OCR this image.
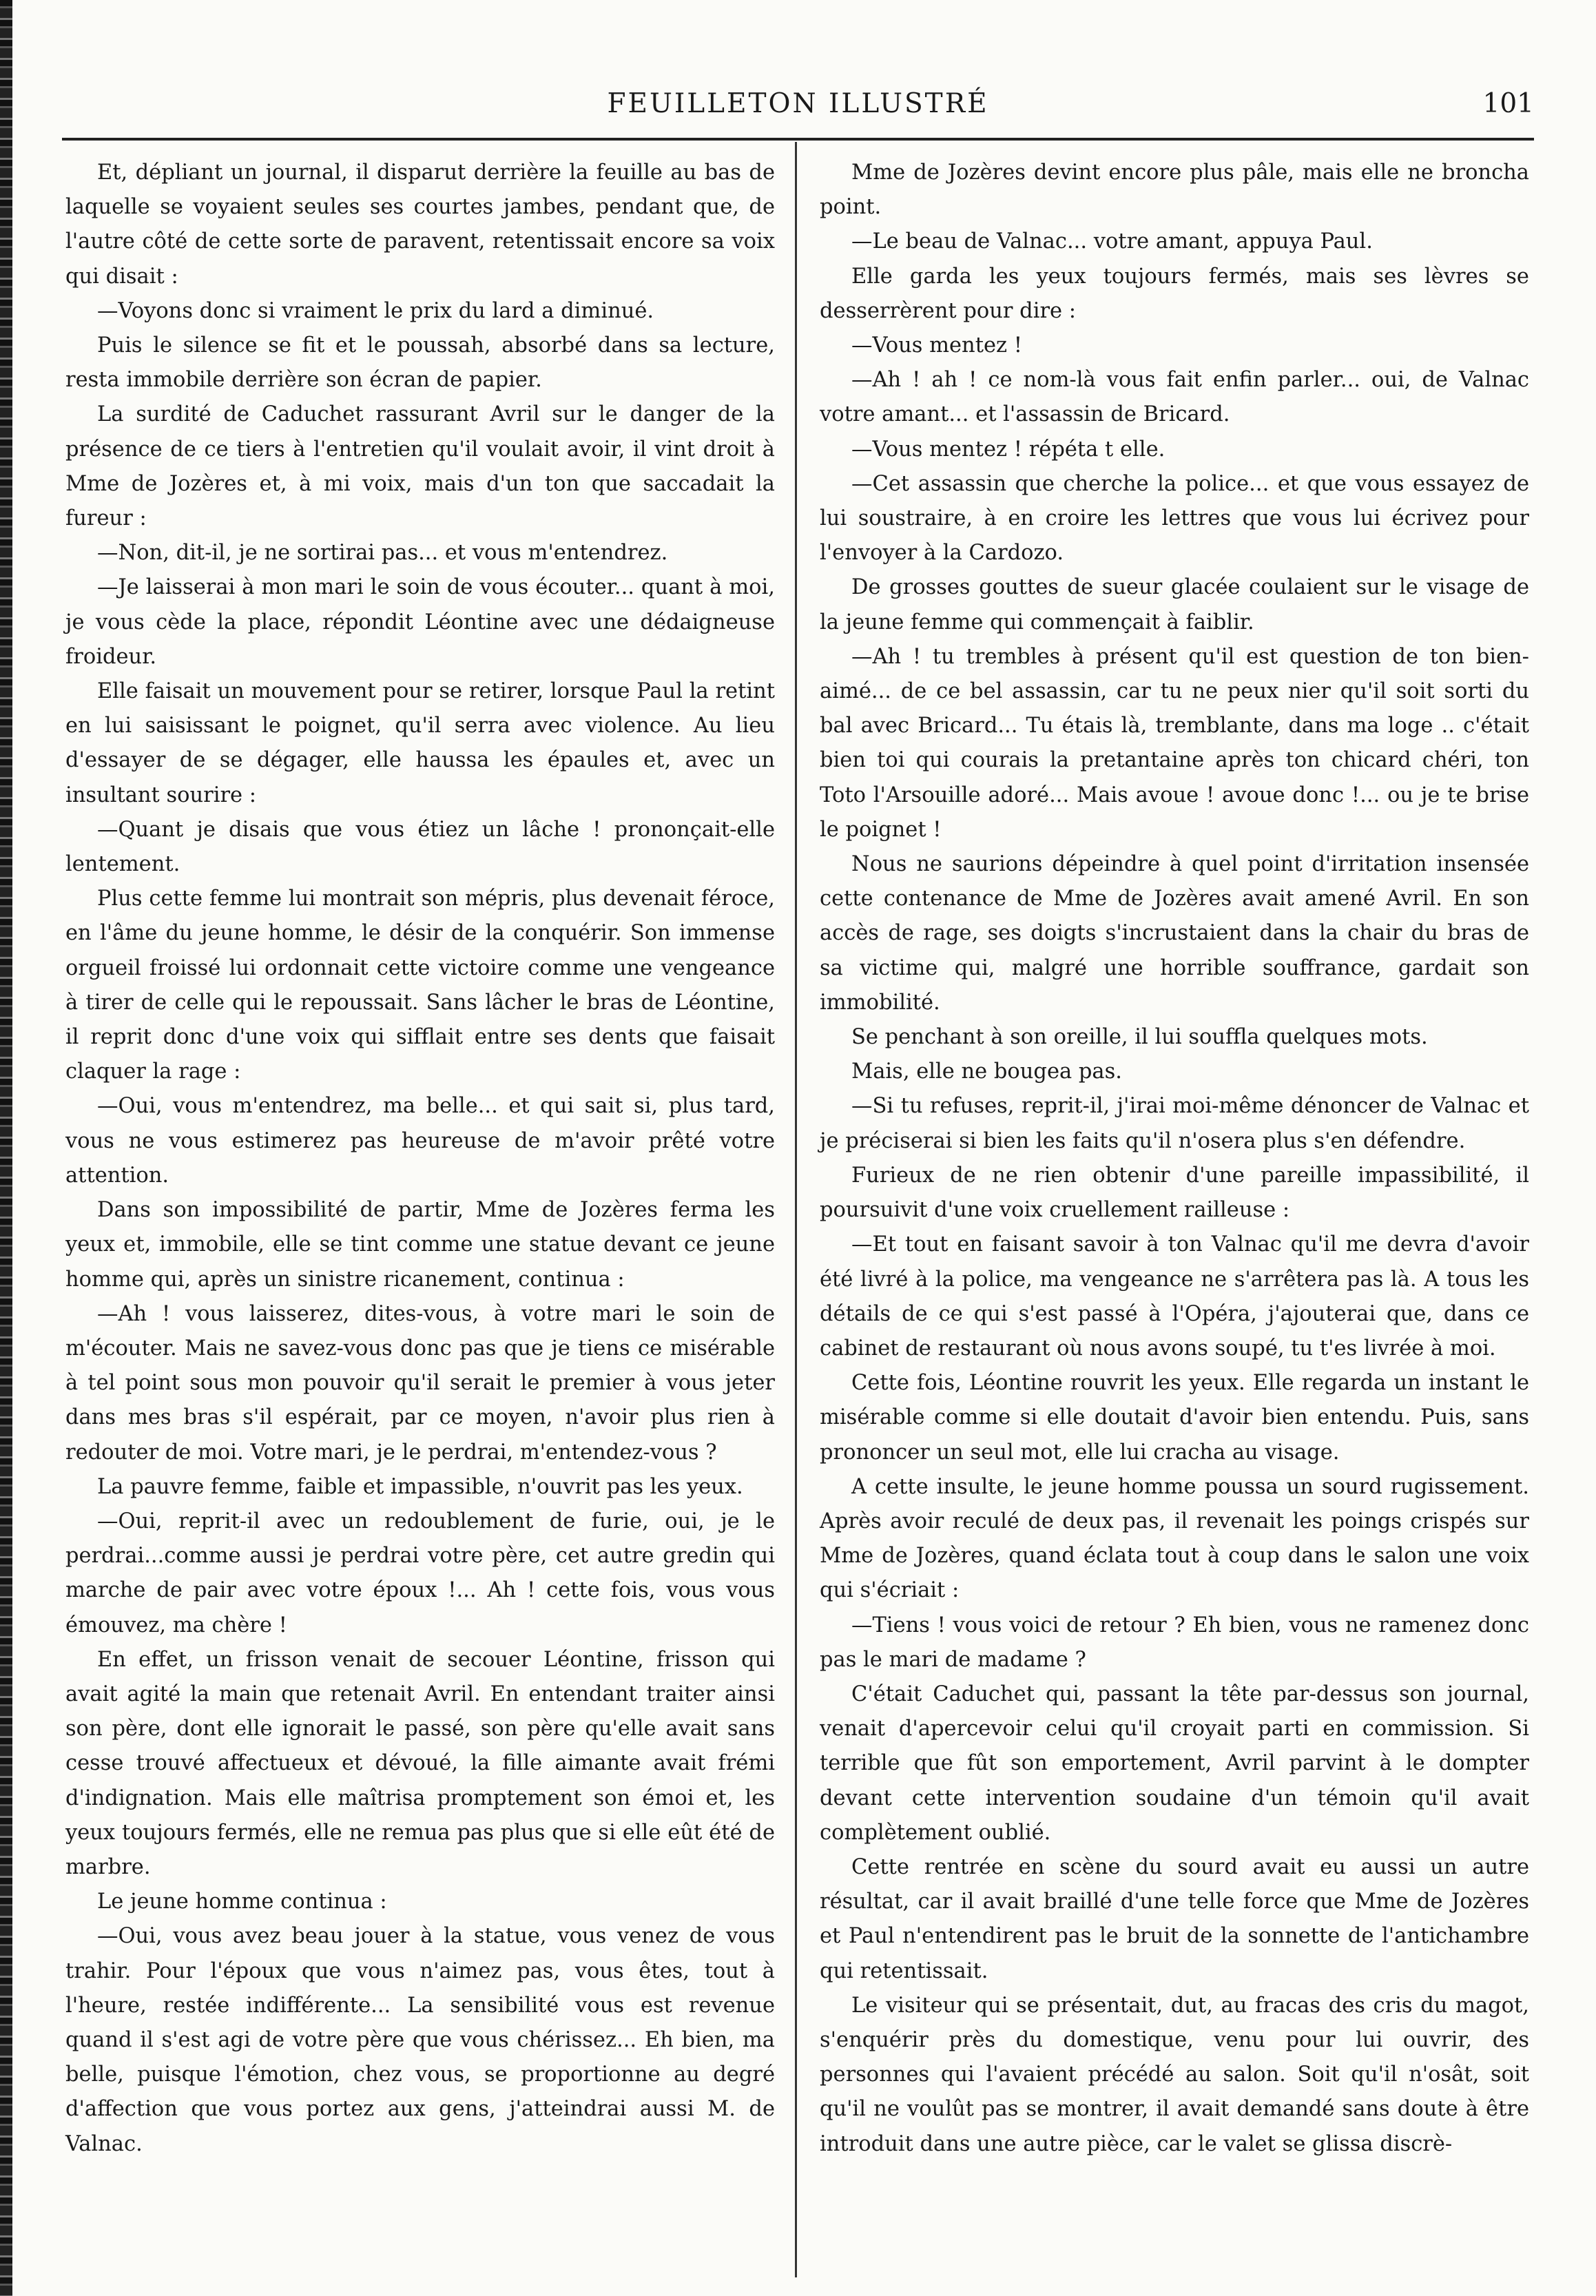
FEUILLETON ILLUSTRÉ	101

Et, dépliant un journal, il disparut derrière la feuille au bas de laquelle se voyaient seules ses courtes jambes, pendant que, de l'autre côté de cette sorte de paravent, retentissait encore sa voix qui disait :

—Voyons donc si vraiment le prix du lard a diminué.

Puis le silence se fit et le poussah, absorbé dans sa lecture, resta immobile derrière son écran de papier.

La surdité de Caduchet rassurant Avril sur le danger de la présence de ce tiers à l'entretien qu'il voulait avoir, il vint droit à Mme de Jozères et, à mi voix, mais d'un ton que saccadait la fureur :

—Non, dit-il, je ne sortirai pas... et vous m'entendrez.

—Je laisserai à mon mari le soin de vous écouter... quant à moi, je vous cède la place, répondit Léontine avec une dédaigneuse froideur.

Elle faisait un mouvement pour se retirer, lorsque Paul la retint en lui saisissant le poignet, qu'il serra avec violence. Au lieu d'essayer de se dégager, elle haussa les épaules et, avec un insultant sourire :

—Quant je disais que vous étiez un lâche ! prononçait-elle lentement.

Plus cette femme lui montrait son mépris, plus devenait féroce, en l'âme du jeune homme, le désir de la conquérir. Son immense orgueil froissé lui ordonnait cette victoire comme une vengeance à tirer de celle qui le repoussait. Sans lâcher le bras de Léontine, il reprit donc d'une voix qui sifflait entre ses dents que faisait claquer la rage :

—Oui, vous m'entendrez, ma belle... et qui sait si, plus tard, vous ne vous estimerez pas heureuse de m'avoir prêté votre attention.

Dans son impossibilité de partir, Mme de Jozères ferma les yeux et, immobile, elle se tint comme une statue devant ce jeune homme qui, après un sinistre ricanement, continua :

—Ah ! vous laisserez, dites-vous, à votre mari le soin de m'écouter. Mais ne savez-vous donc pas que je tiens ce misérable à tel point sous mon pouvoir qu'il serait le premier à vous jeter dans mes bras s'il espérait, par ce moyen, n'avoir plus rien à redouter de moi. Votre mari, je le perdrai, m'entendez-vous ?

La pauvre femme, faible et impassible, n'ouvrit pas les yeux.

—Oui, reprit-il avec un redoublement de furie, oui, je le perdrai...comme aussi je perdrai votre père, cet autre gredin qui marche de pair avec votre époux !... Ah ! cette fois, vous vous émouvez, ma chère !

En effet, un frisson venait de secouer Léontine, frisson qui avait agité la main que retenait Avril. En entendant traiter ainsi son père, dont elle ignorait le passé, son père qu'elle avait sans cesse trouvé affectueux et dévoué, la fille aimante avait frémi d'indignation. Mais elle maîtrisa promptement son émoi et, les yeux toujours fermés, elle ne remua pas plus que si elle eût été de marbre.

Le jeune homme continua :

—Oui, vous avez beau jouer à la statue, vous venez de vous trahir. Pour l'époux que vous n'aimez pas, vous êtes, tout à l'heure, restée indifférente... La sensibilité vous est revenue quand il s'est agi de votre père que vous chérissez... Eh bien, ma belle, puisque l'émotion, chez vous, se proportionne au degré d'affection que vous portez aux gens, j'atteindrai aussi M. de Valnac.

Mme de Jozères devint encore plus pâle, mais elle ne broncha point.

—Le beau de Valnac... votre amant, appuya Paul.

Elle garda les yeux toujours fermés, mais ses lèvres se desserrèrent pour dire :

—Vous mentez !

—Ah ! ah ! ce nom-là vous fait enfin parler... oui, de Valnac votre amant... et l'assassin de Bricard.

—Vous mentez ! répéta t elle.

—Cet assassin que cherche la police... et que vous essayez de lui soustraire, à en croire les lettres que vous lui écrivez pour l'envoyer à la Cardozo.

De grosses gouttes de sueur glacée coulaient sur le visage de la jeune femme qui commençait à faiblir.

—Ah ! tu trembles à présent qu'il est question de ton bien-aimé... de ce bel assassin, car tu ne peux nier qu'il soit sorti du bal avec Bricard... Tu étais là, tremblante, dans ma loge .. c'était bien toi qui courais la pretantaine après ton chicard chéri, ton Toto l'Arsouille adoré... Mais avoue ! avoue donc !... ou je te brise le poignet !

Nous ne saurions dépeindre à quel point d'irritation insensée cette contenance de Mme de Jozères avait amené Avril. En son accès de rage, ses doigts s'incrustaient dans la chair du bras de sa victime qui, malgré une horrible souffrance, gardait son immobilité.

Se penchant à son oreille, il lui souffla quelques mots.

Mais, elle ne bougea pas.

—Si tu refuses, reprit-il, j'irai moi-même dénoncer de Valnac et je préciserai si bien les faits qu'il n'osera plus s'en défendre.

Furieux de ne rien obtenir d'une pareille impassibilité, il poursuivit d'une voix cruellement railleuse :

—Et tout en faisant savoir à ton Valnac qu'il me devra d'avoir été livré à la police, ma vengeance ne s'arrêtera pas là. A tous les détails de ce qui s'est passé à l'Opéra, j'ajouterai que, dans ce cabinet de restaurant où nous avons soupé, tu t'es livrée à moi.

Cette fois, Léontine rouvrit les yeux. Elle regarda un instant le misérable comme si elle doutait d'avoir bien entendu. Puis, sans prononcer un seul mot, elle lui cracha au visage.

A cette insulte, le jeune homme poussa un sourd rugissement. Après avoir reculé de deux pas, il revenait les poings crispés sur Mme de Jozères, quand éclata tout à coup dans le salon une voix qui s'écriait :

—Tiens ! vous voici de retour ? Eh bien, vous ne ramenez donc pas le mari de madame ?

C'était Caduchet qui, passant la tête par-dessus son journal, venait d'apercevoir celui qu'il croyait parti en commission. Si terrible que fût son emportement, Avril parvint à le dompter devant cette intervention soudaine d'un témoin qu'il avait complètement oublié.

Cette rentrée en scène du sourd avait eu aussi un autre résultat, car il avait braillé d'une telle force que Mme de Jozères et Paul n'entendirent pas le bruit de la sonnette de l'antichambre qui retentissait.

Le visiteur qui se présentait, dut, au fracas des cris du magot, s'enquérir près du domestique, venu pour lui ouvrir, des personnes qui l'avaient précédé au salon. Soit qu'il n'osât, soit qu'il ne voulût pas se montrer, il avait demandé sans doute à être introduit dans une autre pièce, car le valet se glissa discrè-
